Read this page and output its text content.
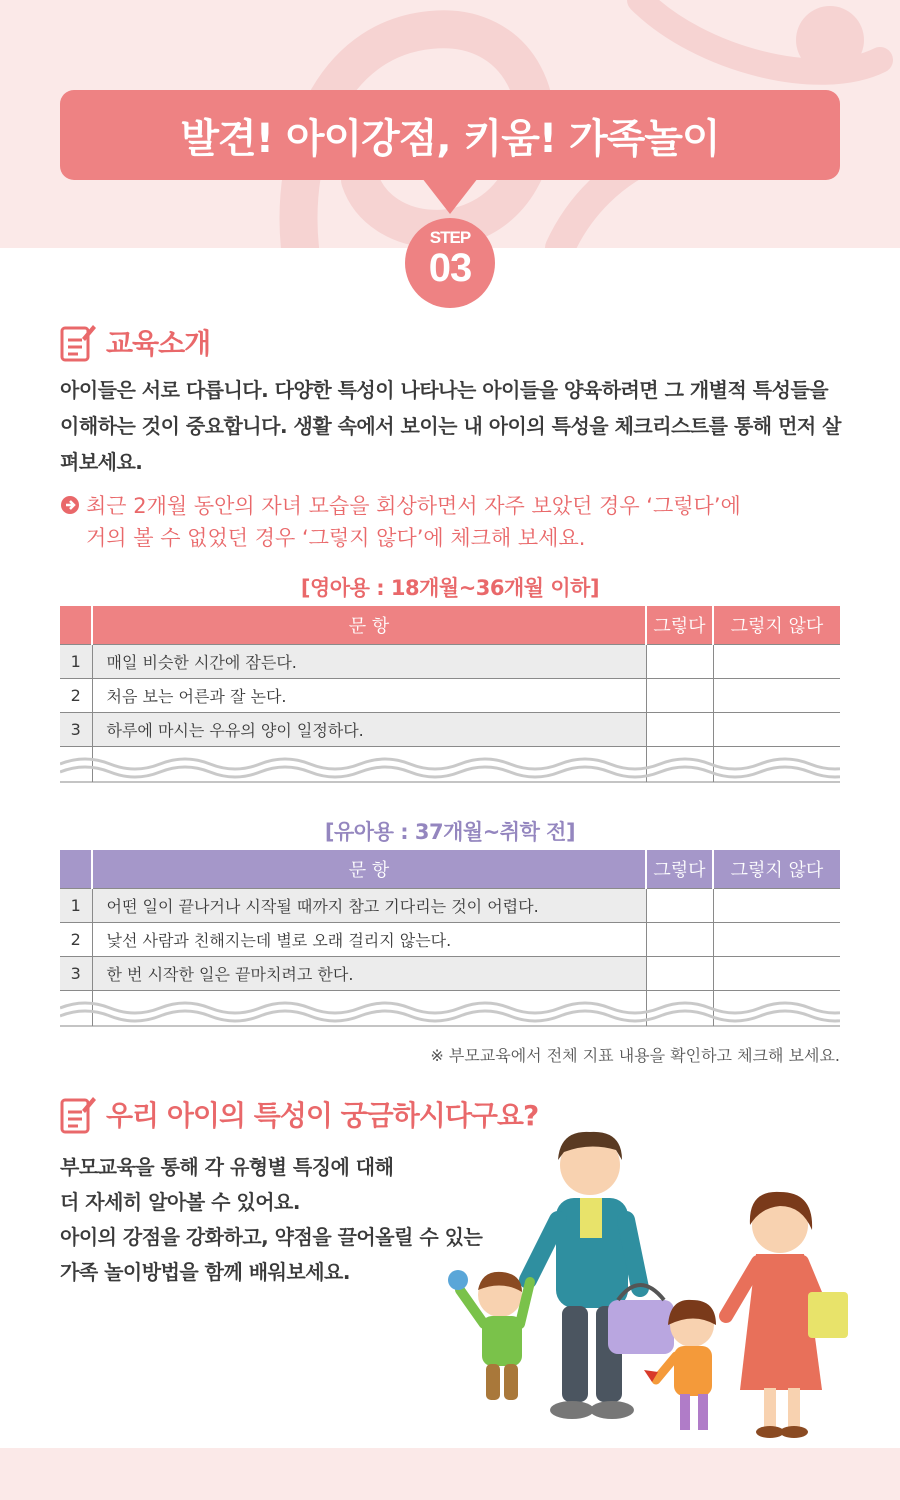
발견! 아이강점, 키움! 가족놀이
STEP
03
교육소개
아이들은 서로 다릅니다. 다양한 특성이 나타나는 아이들을 양육하려면 그 개별적 특성들을 이해하는 것이 중요합니다. 생활 속에서 보이는 내 아이의 특성을 체크리스트를 통해 먼저 살펴보세요.
최근 2개월 동안의 자녀 모습을 회상하면서 자주 보았던 경우 ‘그렇다’에
거의 볼 수 없었던 경우 ‘그렇지 않다’에 체크해 보세요.
[영아용 : 18개월~36개월 이하]
	문 항	그렇다	그렇지 않다
1	매일 비슷한 시간에 잠든다.		
2	처음 보는 어른과 잘 논다.		
3	하루에 마시는 우유의 양이 일정하다.		

[유아용 : 37개월~취학 전]
	문 항	그렇다	그렇지 않다
1	어떤 일이 끝나거나 시작될 때까지 참고 기다리는 것이 어렵다.		
2	낯선 사람과 친해지는데 별로 오래 걸리지 않는다.		
3	한 번 시작한 일은 끝마치려고 한다.		

※ 부모교육에서 전체 지표 내용을 확인하고 체크해 보세요.
우리 아이의 특성이 궁금하시다구요?
부모교육을 통해 각 유형별 특징에 대해
더 자세히 알아볼 수 있어요.
아이의 강점을 강화하고, 약점을 끌어올릴 수 있는
가족 놀이방법을 함께 배워보세요.
